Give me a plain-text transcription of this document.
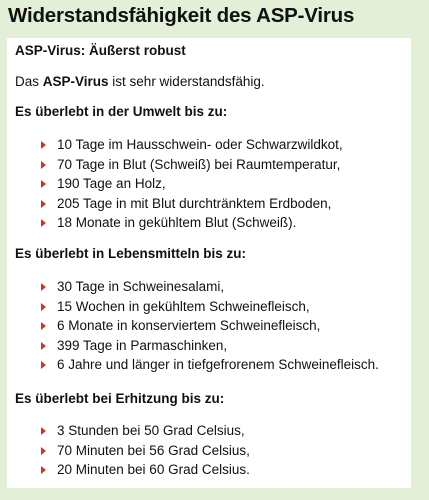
Widerstandsfähigkeit des ASP-Virus
ASP-Virus: Äußerst robust
Das ASP-Virus ist sehr widerstandsfähig.
Es überlebt in der Umwelt bis zu:
10 Tage im Hausschwein- oder Schwarzwildkot,
70 Tage in Blut (Schweiß) bei Raumtemperatur,
190 Tage an Holz,
205 Tage in mit Blut durchtränktem Erdboden,
18 Monate in gekühltem Blut (Schweiß).
Es überlebt in Lebensmitteln bis zu:
30 Tage in Schweinesalami,
15 Wochen in gekühltem Schweinefleisch,
6 Monate in konserviertem Schweinefleisch,
399 Tage in Parmaschinken,
6 Jahre und länger in tiefgefrorenem Schweinefleisch.
Es überlebt bei Erhitzung bis zu:
3 Stunden bei 50 Grad Celsius,
70 Minuten bei 56 Grad Celsius,
20 Minuten bei 60 Grad Celsius.
